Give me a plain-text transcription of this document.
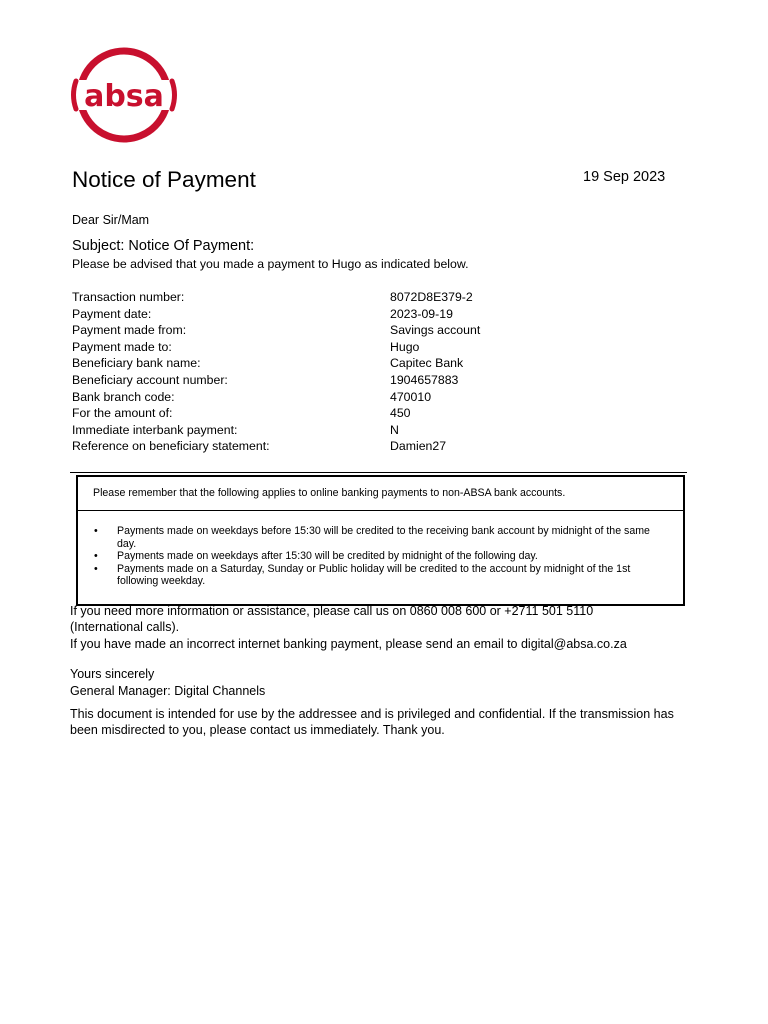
absa
Notice of Payment	19 Sep 2023
Dear Sir/Mam
Subject: Notice Of Payment:
Please be advised that you made a payment to Hugo as indicated below.
Transaction number:	8072D8E379-2
Payment date:	2023-09-19
Payment made from:	Savings account
Payment made to:	Hugo
Beneficiary bank name:	Capitec Bank
Beneficiary account number:	1904657883
Bank branch code:	470010
For the amount of:	450
Immediate interbank payment:	N
Reference on beneficiary statement:	Damien27
Please remember that the following applies to online banking payments to non-ABSA bank accounts.
• Payments made on weekdays before 15:30 will be credited to the receiving bank account by midnight of the same day.
• Payments made on weekdays after 15:30 will be credited by midnight of the following day.
• Payments made on a Saturday, Sunday or Public holiday will be credited to the account by midnight of the 1st following weekday.
If you need more information or assistance, please call us on 0860 008 600 or +2711 501 5110 (International calls).
If you have made an incorrect internet banking payment, please send an email to digital@absa.co.za
Yours sincerely
General Manager: Digital Channels
This document is intended for use by the addressee and is privileged and confidential. If the transmission has been misdirected to you, please contact us immediately. Thank you.
